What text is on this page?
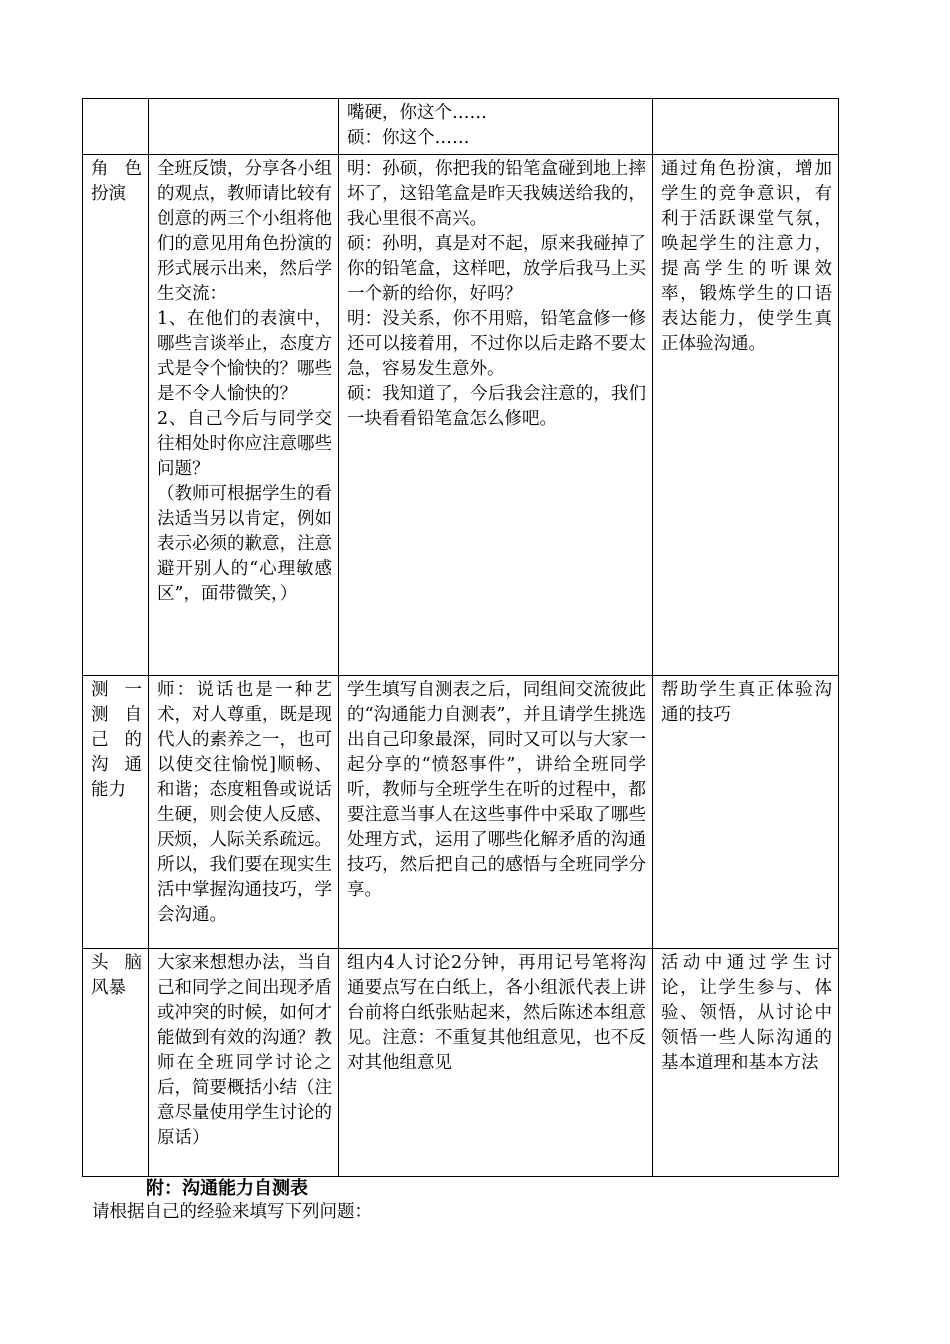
		嘴硬，你这个……
硕：你这个……	

角色扮演	全班反馈，分享各小组的观点，教师请比较有创意的两三个小组将他们的意见用角色扮演的形式展示出来，然后学生交流：
1、在他们的表演中，哪些言谈举止，态度方式是令个愉快的？哪些是不令人愉快的？
2、自己今后与同学交往相处时你应注意哪些问题？
（教师可根据学生的看法适当另以肯定，例如表示必须的歉意，注意避开别人的“心理敏感区”，面带微笑，）	明：孙硕，你把我的铅笔盒碰到地上摔坏了，这铅笔盒是昨天我姨送给我的，我心里很不高兴。
硕：孙明，真是对不起，原来我碰掉了你的铅笔盒，这样吧，放学后我马上买一个新的给你，好吗？
明：没关系，你不用赔，铅笔盒修一修还可以接着用，不过你以后走路不要太急，容易发生意外。
硕：我知道了，今后我会注意的，我们一块看看铅笔盒怎么修吧。	通过角色扮演，增加学生的竞争意识，有利于活跃课堂气氛，唤起学生的注意力，提高学生的听课效率，锻炼学生的口语表达能力，使学生真正体验沟通。
测一测自己的沟通能力	师：说话也是一种艺术，对人尊重，既是现代人的素养之一，也可以使交往愉悦]顺畅、和谐；态度粗鲁或说话生硬，则会使人反感、厌烦，人际关系疏远。所以，我们要在现实生活中掌握沟通技巧，学会沟通。	学生填写自测表之后，同组间交流彼此的“沟通能力自测表”，并且请学生挑选出自己印象最深，同时又可以与大家一起分享的“愤怒事件”，讲给全班同学听，教师与全班学生在听的过程中，都要注意当事人在这些事件中采取了哪些处理方式，运用了哪些化解矛盾的沟通技巧，然后把自己的感悟与全班同学分享。	帮助学生真正体验沟通的技巧
头脑风暴	大家来想想办法，当自己和同学之间出现矛盾或冲突的时候，如何才能做到有效的沟通？教师在全班同学讨论之后，简要概括小结（注意尽量使用学生讨论的原话）	组内4人讨论2分钟，再用记号笔将沟通要点写在白纸上，各小组派代表上讲台前将白纸张贴起来，然后陈述本组意见。注意：不重复其他组意见，也不反对其他组意见	活动中通过学生讨论，让学生参与、体验、领悟，从讨论中领悟一些人际沟通的基本道理和基本方法
附：沟通能力自测表
请根据自己的经验来填写下列问题：
